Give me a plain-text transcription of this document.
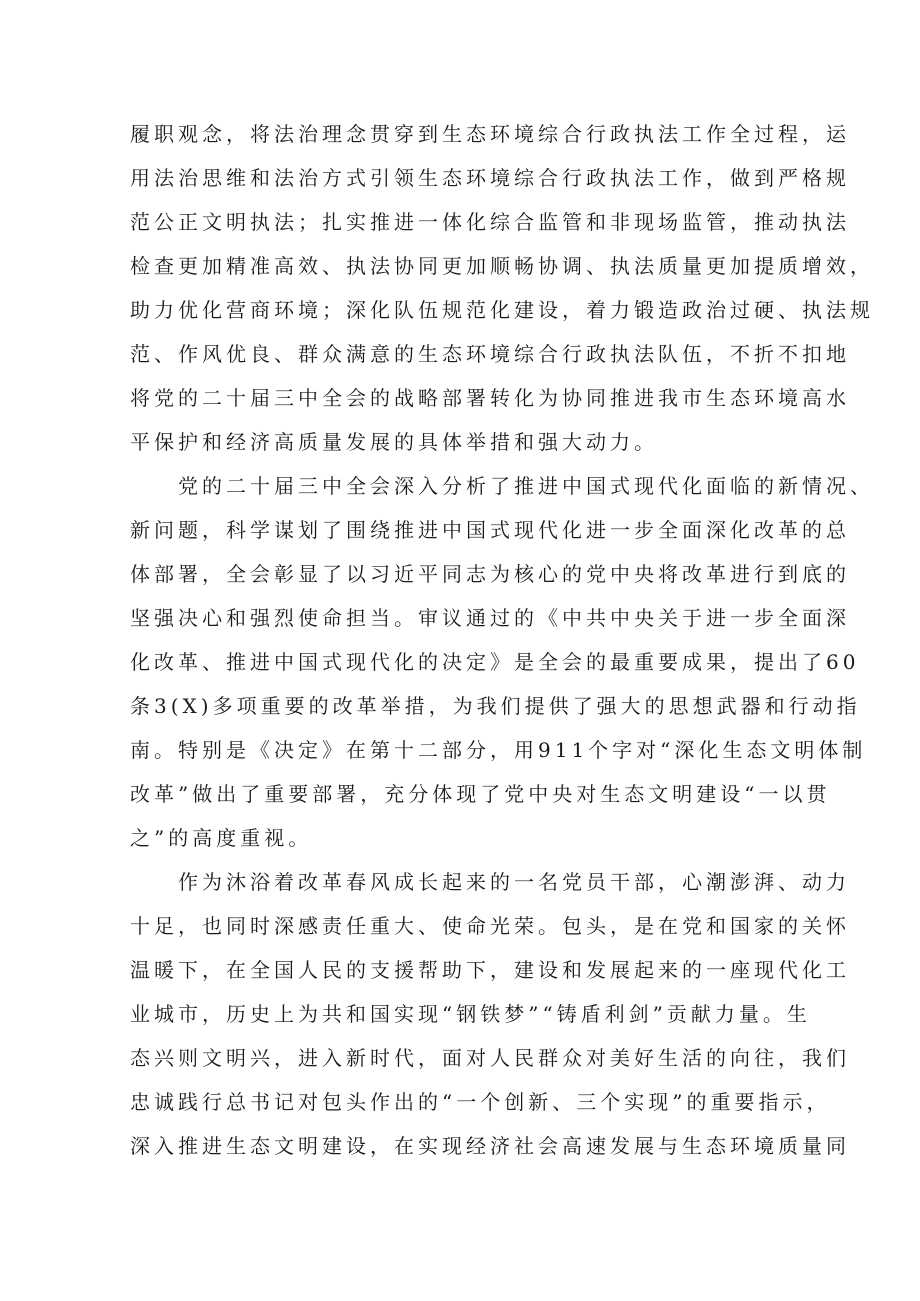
履职观念，将法治理念贯穿到生态环境综合行政执法工作全过程，运
用法治思维和法治方式引领生态环境综合行政执法工作，做到严格规
范公正文明执法；扎实推进一体化综合监管和非现场监管，推动执法
检查更加精准高效、执法协同更加顺畅协调、执法质量更加提质增效，
助力优化营商环境；深化队伍规范化建设，着力锻造政治过硬、执法规
范、作风优良、群众满意的生态环境综合行政执法队伍，不折不扣地
将党的二十届三中全会的战略部署转化为协同推进我市生态环境高水
平保护和经济高质量发展的具体举措和强大动力。
党的二十届三中全会深入分析了推进中国式现代化面临的新情况、
新问题，科学谋划了围绕推进中国式现代化进一步全面深化改革的总
体部署，全会彰显了以习近平同志为核心的党中央将改革进行到底的
坚强决心和强烈使命担当。审议通过的《中共中央关于进一步全面深
化改革、推进中国式现代化的决定》是全会的最重要成果，提出了60
条3(X)多项重要的改革举措，为我们提供了强大的思想武器和行动指
南。特别是《决定》在第十二部分，用911个字对“深化生态文明体制
改革”做出了重要部署，充分体现了党中央对生态文明建设“一以贯
之”的高度重视。
作为沐浴着改革春风成长起来的一名党员干部，心潮澎湃、动力
十足，也同时深感责任重大、使命光荣。包头，是在党和国家的关怀
温暖下，在全国人民的支援帮助下，建设和发展起来的一座现代化工
业城市，历史上为共和国实现“钢铁梦”“铸盾利剑”贡献力量。生
态兴则文明兴，进入新时代，面对人民群众对美好生活的向往，我们
忠诚践行总书记对包头作出的“一个创新、三个实现”的重要指示，
深入推进生态文明建设，在实现经济社会高速发展与生态环境质量同
